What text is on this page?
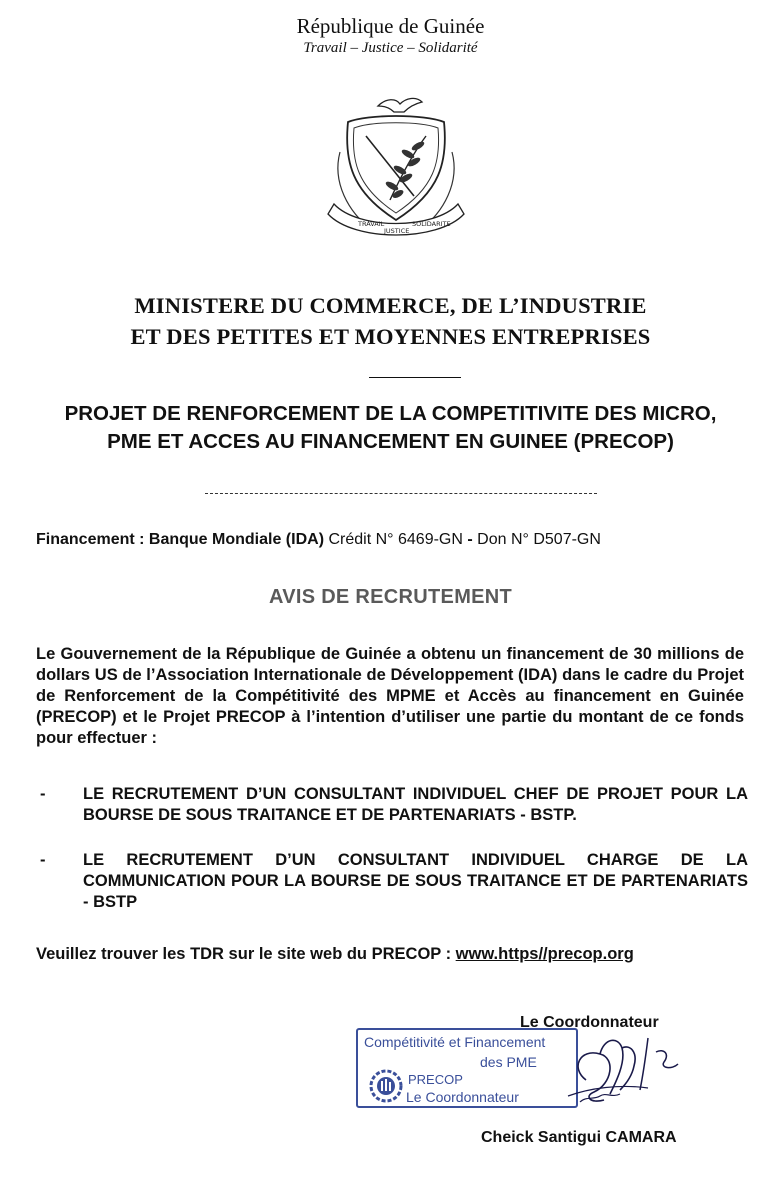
République de Guinée
Travail – Justice – Solidarité
TRAVAIL
JUSTICE
SOLIDARITE
MINISTERE DU COMMERCE, DE L’INDUSTRIE
ET DES PETITES ET MOYENNES ENTREPRISES
PROJET DE RENFORCEMENT DE LA COMPETITIVITE DES MICRO,
PME ET ACCES AU FINANCEMENT EN GUINEE (PRECOP)
Financement : Banque Mondiale (IDA) Crédit N° 6469-GN - Don N° D507-GN
AVIS DE RECRUTEMENT
Le Gouvernement de la République de Guinée a obtenu un financement de 30 millions de dollars US de l’Association Internationale de Développement (IDA) dans le cadre du Projet de Renforcement de la Compétitivité des MPME et Accès au financement en Guinée (PRECOP) et le Projet PRECOP à l’intention d’utiliser une partie du montant de ce fonds pour effectuer :
-	LE RECRUTEMENT D’UN CONSULTANT INDIVIDUEL CHEF DE PROJET POUR LA BOURSE DE SOUS TRAITANCE ET DE PARTENARIATS - BSTP.
-	LE RECRUTEMENT D’UN CONSULTANT INDIVIDUEL CHARGE DE LA COMMUNICATION POUR LA BOURSE DE SOUS TRAITANCE ET DE PARTENARIATS - BSTP
Veuillez trouver les TDR sur le site web du PRECOP : www.https//precop.org
Le Coordonnateur
Compétitivité et Financement
des PME
PRECOP
Le Coordonnateur
Cheick Santigui CAMARA
